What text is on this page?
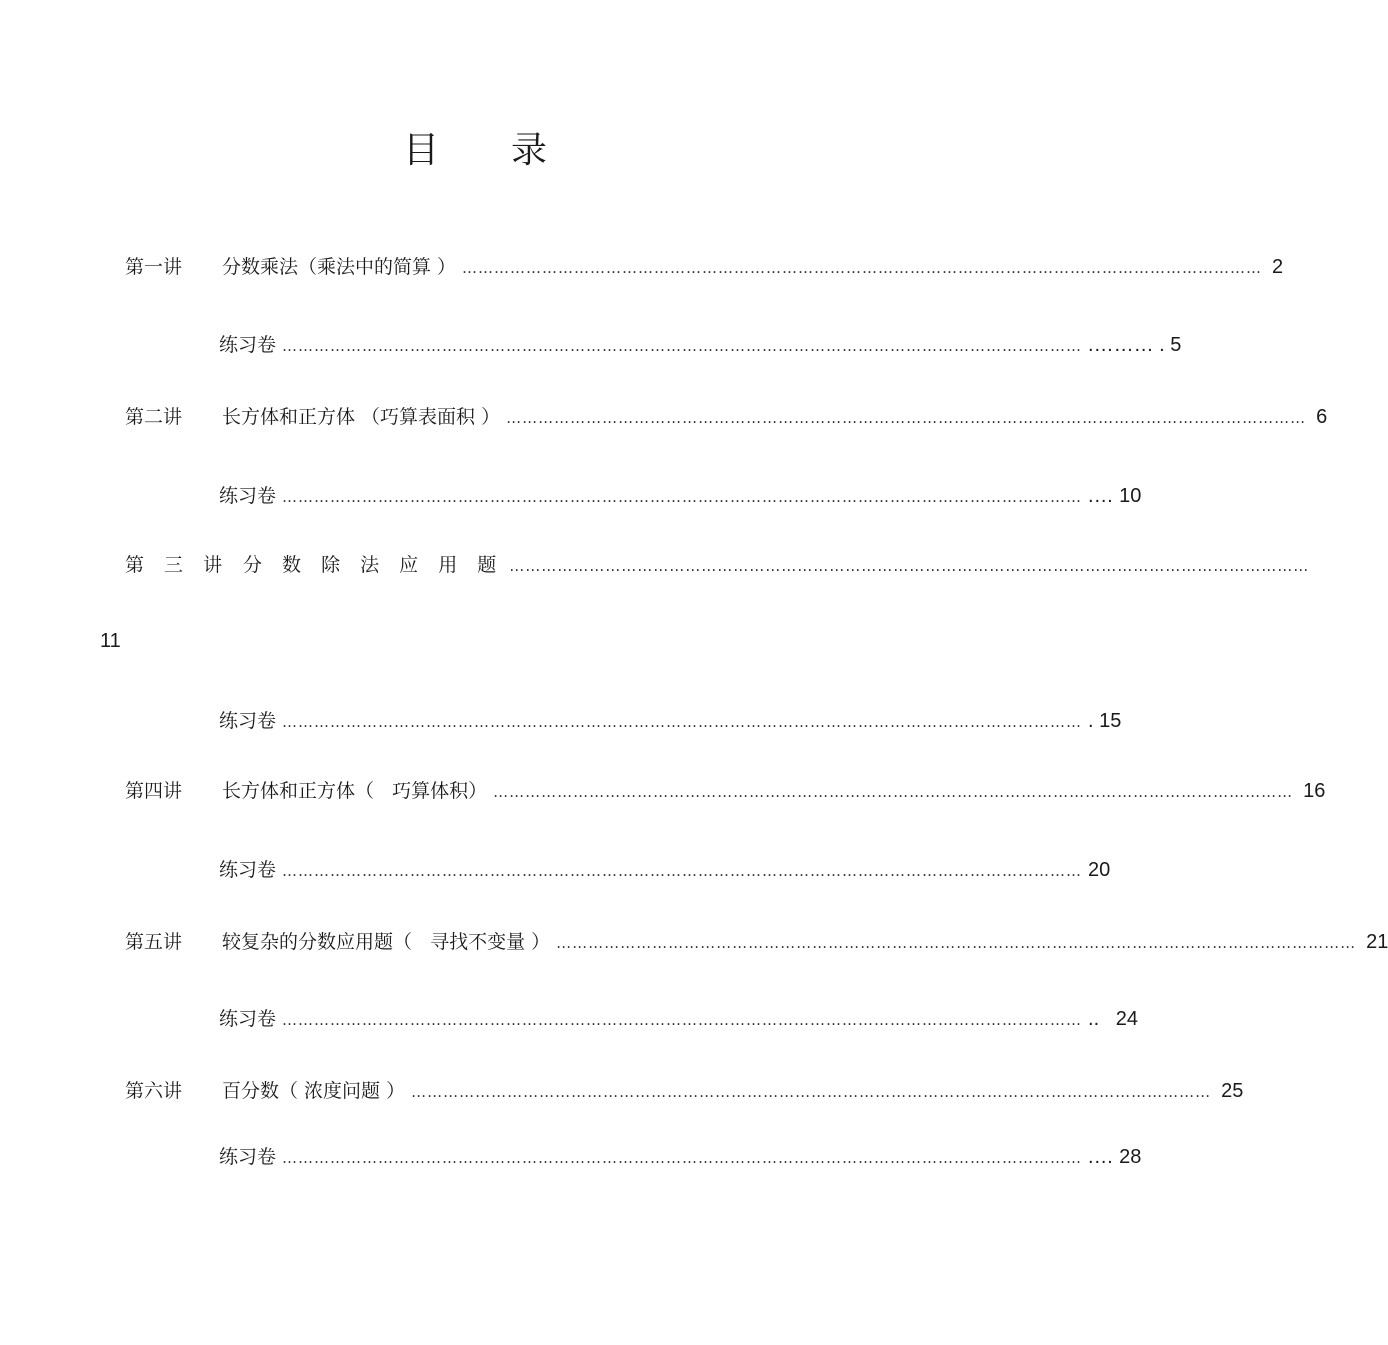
目 录
第一讲	分数乘法（乘法中的简算 ） …………………………………………………………………………………………………………………………………… 2
练习卷 …………………………………………………………………………………………………………………………………… .……… . 5
第二讲	长方体和正方体 （巧算表面积 ） …………………………………………………………………………………………………………………………………… 6
练习卷 …………………………………………………………………………………………………………………………………… .… 10
第 三 讲 分 数 除 法 应 用 题 ……………………………………………………………………………………………………………………………………
11
练习卷 …………………………………………………………………………………………………………………………………… . 15
第四讲	长方体和正方体（   巧算体积） …………………………………………………………………………………………………………………………………… 16
练习卷 …………………………………………………………………………………………………………………………………… 20
第五讲	较复杂的分数应用题（   寻找不变量 ） …………………………………………………………………………………………………………………………………… 21
练习卷 …………………………………………………………………………………………………………………………………… ..   24
第六讲	百分数（ 浓度问题 ） …………………………………………………………………………………………………………………………………… 25
练习卷 …………………………………………………………………………………………………………………………………… .… 28
